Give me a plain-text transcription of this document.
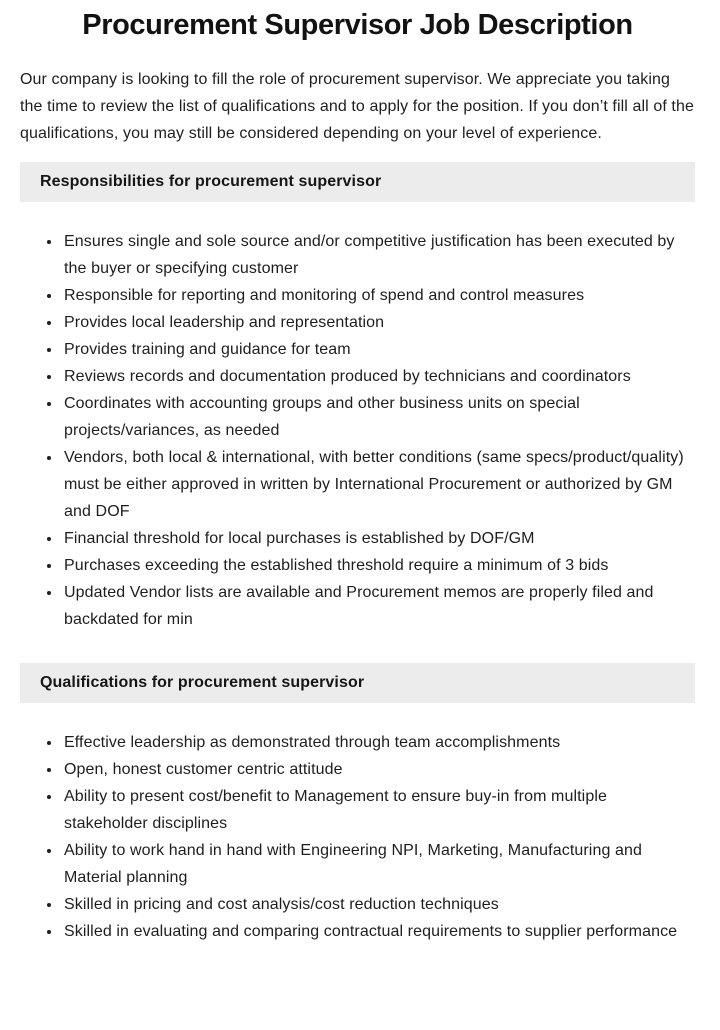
Procurement Supervisor Job Description

Our company is looking to fill the role of procurement supervisor. We appreciate you taking the time to review the list of qualifications and to apply for the position. If you don’t fill all of the qualifications, you may still be considered depending on your level of experience.

Responsibilities for procurement supervisor
• Ensures single and sole source and/or competitive justification has been executed by the buyer or specifying customer
• Responsible for reporting and monitoring of spend and control measures
• Provides local leadership and representation
• Provides training and guidance for team
• Reviews records and documentation produced by technicians and coordinators
• Coordinates with accounting groups and other business units on special projects/variances, as needed
• Vendors, both local & international, with better conditions (same specs/product/quality) must be either approved in written by International Procurement or authorized by GM and DOF
• Financial threshold for local purchases is established by DOF/GM
• Purchases exceeding the established threshold require a minimum of 3 bids
• Updated Vendor lists are available and Procurement memos are properly filed and backdated for min
Qualifications for procurement supervisor
• Effective leadership as demonstrated through team accomplishments
• Open, honest customer centric attitude
• Ability to present cost/benefit to Management to ensure buy-in from multiple stakeholder disciplines
• Ability to work hand in hand with Engineering NPI, Marketing, Manufacturing and Material planning
• Skilled in pricing and cost analysis/cost reduction techniques
• Skilled in evaluating and comparing contractual requirements to supplier performance
